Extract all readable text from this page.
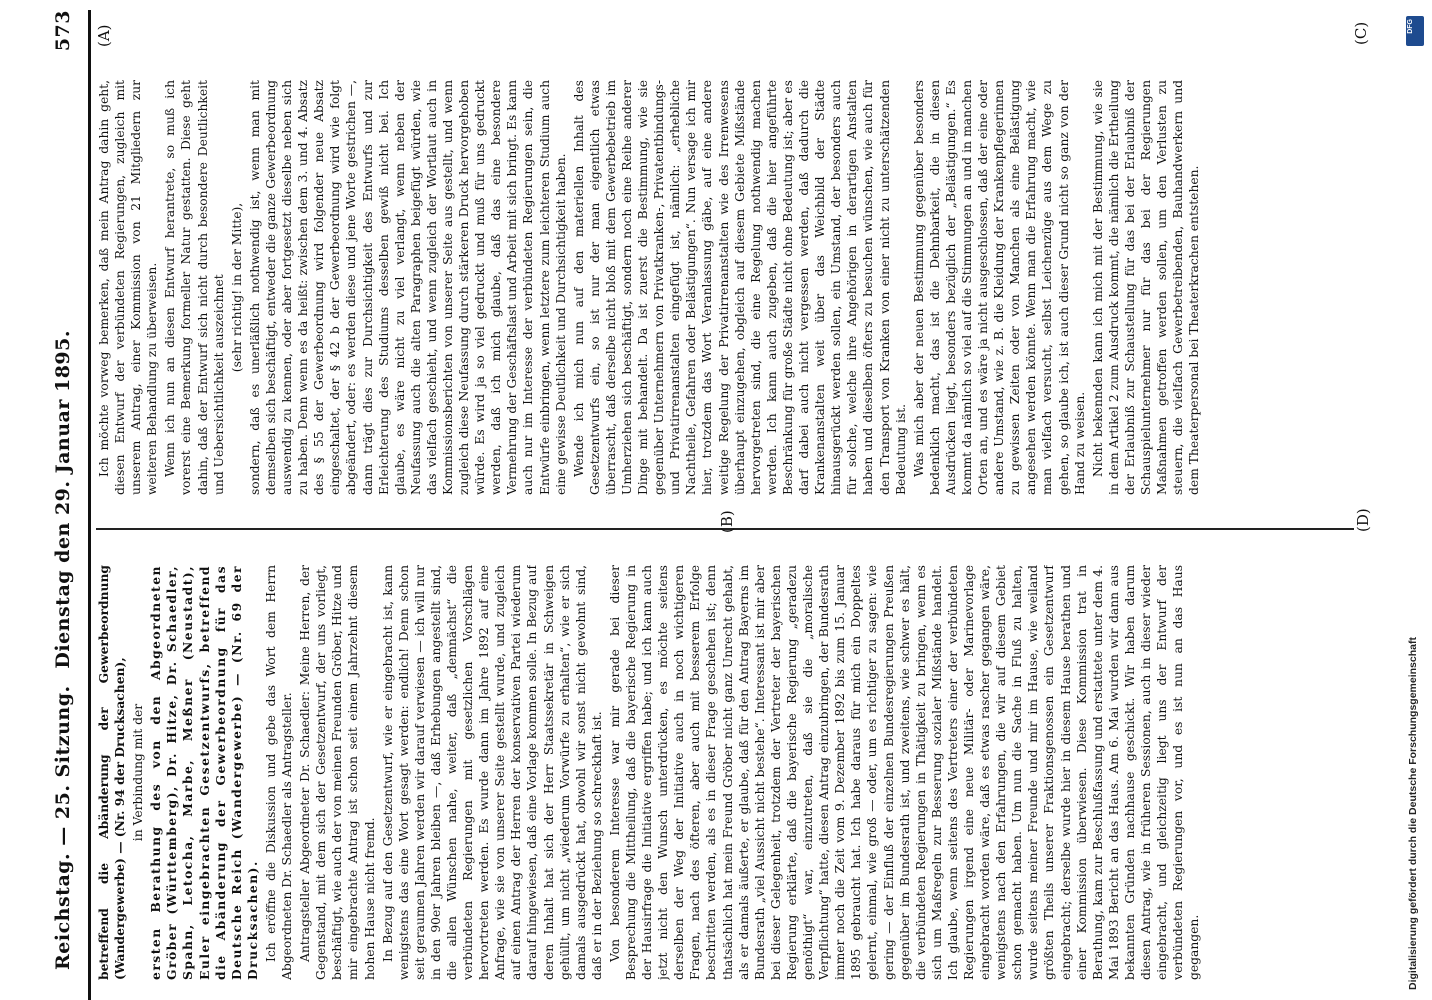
Reichstag. — 25. Sitzung.
Dienstag den 29. Januar 1895.
573

betreffend die Abänderung der Gewerbeordnung (Wandergewerbe) — (Nr. 94 der Drucksachen), in Verbindung mit der ersten Berathung des von den Abgeordneten Gröber (Württemberg), Dr. Hitze, Dr. Schaedler, Spahn, Letocha, Marbe, Meßner (Neustadt), Euler eingebrachten Gesetzentwurfs, betreffend die Abänderung der Gewerbeordnung für das Deutsche Reich (Wandergewerbe) — (Nr. 69 der Drucksachen). Ich eröffne die Diskussion und gebe das Wort dem Herrn Abgeordneten Dr. Schaedler als Antragsteller. Antragsteller Abgeordneter Dr. Schaedler: Meine Herren, der Gegenstand, mit dem sich der Gesetzentwurf, der uns vorliegt, beschäftigt, wie auch der von meinen Freunden Gröber, Hitze und mir eingebrachte Antrag ist schon seit einem Jahrzehnt diesem hohen Hause nicht fremd. In Bezug auf den Gesetzentwurf, wie er eingebracht ist, kann wenigstens das eine Wort gesagt werden: endlich! Denn schon seit geraumen Jahren werden wir darauf verwiesen — ich will nur in den 90er Jahren bleiben —, daß Erhebungen angestellt sind, die allen Wünschen nahe, weiter, daß „demnächst“ die verbündeten Regierungen mit gesetzlichen Vorschlägen hervortreten werden. Es wurde dann im Jahre 1892 auf eine Anfrage, wie sie von unserer Seite gestellt wurde, und zugleich auf einen Antrag der Herren der konservativen Partei wiederum darauf hingewiesen, daß eine Vorlage kommen solle. In Bezug auf deren Inhalt hat sich der Herr Staatssekretär in Schweigen gehüllt, um nicht „wiederum Vorwürfe zu erhalten“, wie er sich damals ausgedrückt hat, obwohl wir sonst nicht gewohnt sind, daß er in der Beziehung so schreckhaft ist. Von besonderem Interesse war mir gerade bei dieser Besprechung die Mittheilung, daß die bayerische Regierung in der Hausirfrage die Initiative ergriffen habe; und ich kann auch jetzt nicht den Wunsch unterdrücken, es möchte seitens derselben der Weg der Initiative auch in noch wichtigeren Fragen, nach des öfteren, aber auch mit besserem Erfolge beschritten werden, als es in dieser Frage geschehen ist; denn thatsächlich hat mein Freund Gröber nicht ganz Unrecht gehabt, als er damals äußerte, er glaube, daß für den Antrag Bayerns im Bundesrath „viel Aussicht nicht bestehe“. Interessant ist mir aber bei dieser Gelegenheit, trotzdem der Vertreter der bayerischen Regierung erklärte, daß die bayerische Regierung „geradezu genöthigt“ war, einzutreten, daß sie die „moralische Verpflichtung“ hatte, diesen Antrag einzubringen, der Bundesrath immer noch die Zeit vom 9. Dezember 1892 bis zum 15. Januar 1895 gebraucht hat. Ich habe daraus für mich ein Doppeltes gelernt, einmal, wie groß — oder, um es richtiger zu sagen: wie gering — der Einfluß der einzelnen Bundesregierungen Preußen gegenüber im Bundesrath ist, und zweitens, wie schwer es hält, die verbündeten Regierungen in Thätigkeit zu bringen, wenn es sich um Maßregeln zur Besserung sozialer Mißstände handelt. Ich glaube, wenn seitens des Vertreters einer der verbündeten Regierungen irgend eine neue Militär- oder Marinevorlage eingebracht worden wäre, daß es etwas rascher gegangen wäre, wenigstens nach den Erfahrungen, die wir auf diesem Gebiet schon gemacht haben. Um nun die Sache in Fluß zu halten, wurde seitens meiner Freunde und mir im Hause, wie weiland größten Theils unserer Fraktionsgenossen ein Gesetzentwurf eingebracht; derselbe wurde hier in diesem Hause berathen und einer Kommission überwiesen. Diese Kommission trat in Berathung, kam zur Beschlußfassung und erstattete unter dem 4. Mai 1893 Bericht an das Haus. Am 6. Mai wurden wir dann aus bekannten Gründen nachhause geschickt. Wir haben darum diesen Antrag, wie in früheren Sessionen, auch in dieser wieder eingebracht, und gleichzeitig liegt uns der Entwurf der verbündeten Regierungen vor, und es ist nun an das Haus gegangen.

Ich möchte vorweg bemerken, daß mein Antrag dahin geht, diesen Entwurf der verbündeten Regierungen, zugleich mit unserem Antrag, einer Kommission von 21 Mitgliedern zur weiteren Behandlung zu überweisen. Wenn ich nun an diesen Entwurf herantrete, so muß ich vorerst eine Bemerkung formeller Natur gestatten. Diese geht dahin, daß der Entwurf sich nicht durch besondere Deutlichkeit und Uebersichtlichkeit auszeichnet (sehr richtig! in der Mitte), sondern, daß es unerläßlich nothwendig ist, wenn man mit demselben sich beschäftigt, entweder die ganze Gewerbeordnung auswendig zu kennen, oder aber fortgesetzt dieselbe neben sich zu haben. Denn wenn es da heißt: zwischen dem 3. und 4. Absatz des § 55 der Gewerbeordnung wird folgender neue Absatz eingeschaltet, der § 42 b der Gewerbeordnung wird wie folgt abgeändert, oder: es werden diese und jene Worte gestrichen —, dann trägt dies zur Durchsichtigkeit des Entwurfs und zur Erleichterung des Studiums desselben gewiß nicht bei. Ich glaube, es wäre nicht zu viel verlangt, wenn neben der Neufassung auch die alten Paragraphen beigefügt würden, wie das vielfach geschieht, und wenn zugleich der Wortlaut auch in Kommissionsberichten von unserer Seite aus gestellt, und wenn zugleich diese Neufassung durch stärkeren Druck hervorgehoben würde. Es wird ja so viel gedruckt und muß für uns gedruckt werden, daß ich mich glaube, daß das eine besondere Vermehrung der Geschäftslast und Arbeit mit sich bringt. Es kann auch nur im Interesse der verbündeten Regierungen sein, die Entwürfe einbringen, wenn letztere zum leichteren Studium auch eine gewisse Deutlichkeit und Durchsichtigkeit haben. Wende ich mich nun auf den materiellen Inhalt des Gesetzentwurfs ein, so ist nur der man eigentlich etwas überrascht, daß derselbe nicht bloß mit dem Gewerbebetrieb im Umherziehen sich beschäftigt, sondern noch eine Reihe anderer Dinge mit behandelt. Da ist zuerst die Bestimmung, wie sie gegenüber Unternehmern von Privatkranken-, Privatentbindungs- und Privatirrenanstalten eingefügt ist, nämlich: „erhebliche Nachtheile, Gefahren oder Belästigungen“. Nun versage ich mir hier, trotzdem das Wort Veranlassung gäbe, auf eine andere weitige Regelung der Privatirrenanstalten wie des Irrenwesens überhaupt einzugehen, obgleich auf diesem Gebiete Mißstände hervorgetreten sind, die eine Regelung nothwendig machen werden. Ich kann auch zugeben, daß die hier angeführte Beschränkung für große Städte nicht ohne Bedeutung ist; aber es darf dabei auch nicht vergessen werden, daß dadurch die Krankenanstalten weit über das Weichbild der Städte hinausgerückt werden sollen, ein Umstand, der besonders auch für solche, welche ihre Angehörigen in derartigen Anstalten haben und dieselben öfters zu besuchen wünschen, wie auch für den Transport von Kranken von einer nicht zu unterschätzenden Bedeutung ist. Was mich aber der neuen Bestimmung gegenüber besonders bedenklich macht, das ist die Dehnbarkeit, die in diesen Ausdrücken liegt, besonders bezüglich der „Belästigungen.“ Es kommt da nämlich so viel auf die Stimmungen an und in manchen Orten an, und es wäre ja nicht ausgeschlossen, daß der eine oder andere Umstand, wie z. B. die Kleidung der Krankenpflegerinnen zu gewissen Zeiten oder von Manchen als eine Belästigung angesehen werden könnte. Wenn man die Erfahrung macht, wie man vielfach versucht, selbst Leichenzüge aus dem Wege zu gehen, so glaube ich, ist auch dieser Grund nicht so ganz von der Hand zu weisen. Nicht bekennden kann ich mich mit der Bestimmung, wie sie in dem Artikel 2 zum Ausdruck kommt, die nämlich die Ertheilung der Erlaubniß zur Schaustellung für das bei der Erlaubniß der Schauspielunternehmer nur für das bei der Regierungen Maßnahmen getroffen werden sollen, um den Verlusten zu steuern, die vielfach Gewerbetreibenden, Bauhandwerkern und dem Theaterpersonal bei Theaterkrachen entstehen.

(A)
(B)
(C)
(D)
DFG
Digitalisierung gefördert durch die Deutsche Forschungsgemeinschaft
